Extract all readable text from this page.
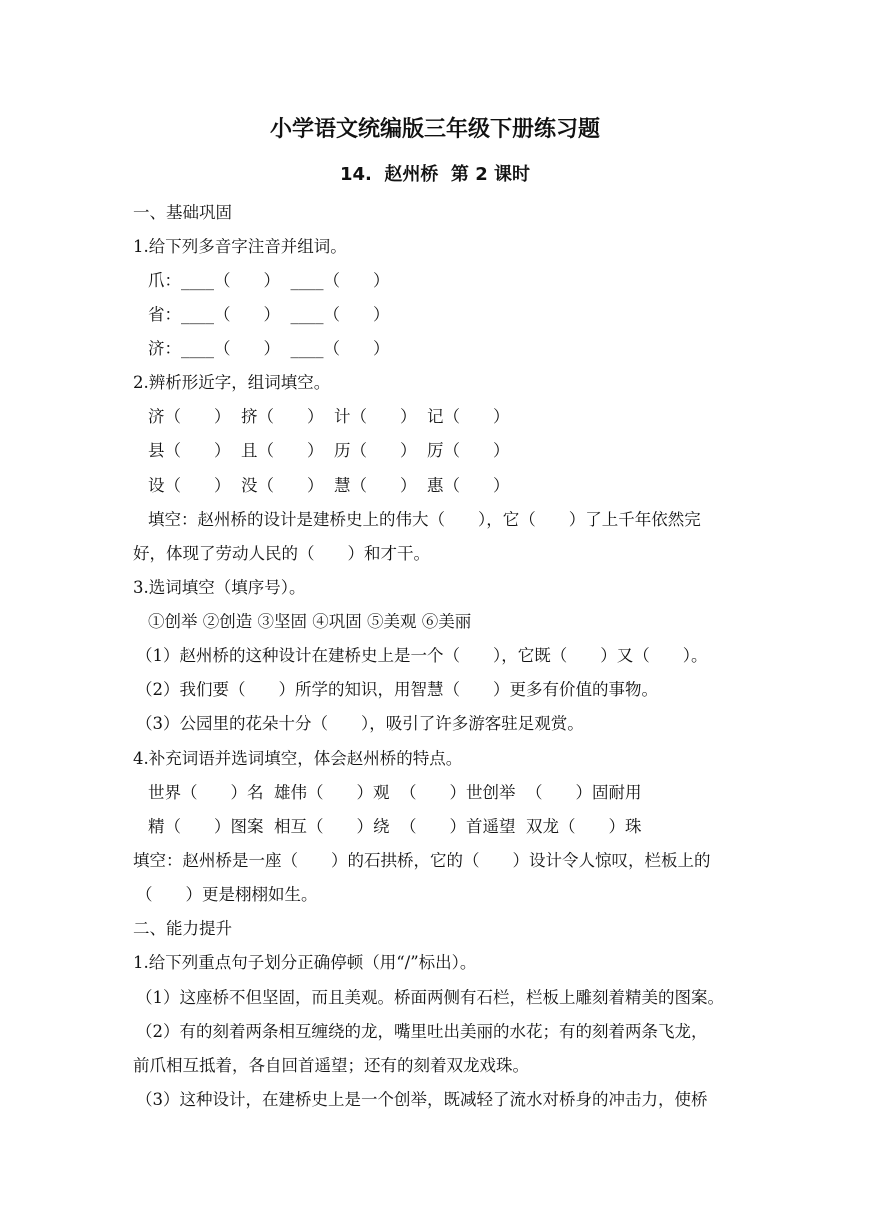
小学语文统编版三年级下册练习题
14.  赵州桥  第 2 课时
一、基础巩固
1.给下列多音字注音并组词。
爪：____（　　）  ____（　　）
省：____（　　）  ____（　　）
济：____（　　）  ____（　　）
2.辨析形近字，组词填空。
济（　　）  挤（　　）  计（　　）  记（　　）
县（　　）  且（　　）  历（　　）  厉（　　）
设（　　）  没（　　）  慧（　　）  惠（　　）
填空：赵州桥的设计是建桥史上的伟大（　　），它（　　）了上千年依然完
好，体现了劳动人民的（　　）和才干。
3.选词填空（填序号）。
①创举 ②创造 ③坚固 ④巩固 ⑤美观 ⑥美丽
（1）赵州桥的这种设计在建桥史上是一个（　　），它既（　　）又（　　）。
（2）我们要（　　）所学的知识，用智慧（　　）更多有价值的事物。
（3）公园里的花朵十分（　　），吸引了许多游客驻足观赏。
4.补充词语并选词填空，体会赵州桥的特点。
世界（　　）名  雄伟（　　）观  （　　）世创举  （　　）固耐用
精（　　）图案  相互（　　）绕  （　　）首遥望  双龙（　　）珠
填空：赵州桥是一座（　　）的石拱桥，它的（　　）设计令人惊叹，栏板上的
（　　）更是栩栩如生。
二、能力提升
1.给下列重点句子划分正确停顿（用“/”标出）。
（1）这座桥不但坚固，而且美观。桥面两侧有石栏，栏板上雕刻着精美的图案。
（2）有的刻着两条相互缠绕的龙，嘴里吐出美丽的水花；有的刻着两条飞龙，
前爪相互抵着，各自回首遥望；还有的刻着双龙戏珠。
（3）这种设计，在建桥史上是一个创举，既减轻了流水对桥身的冲击力，使桥
